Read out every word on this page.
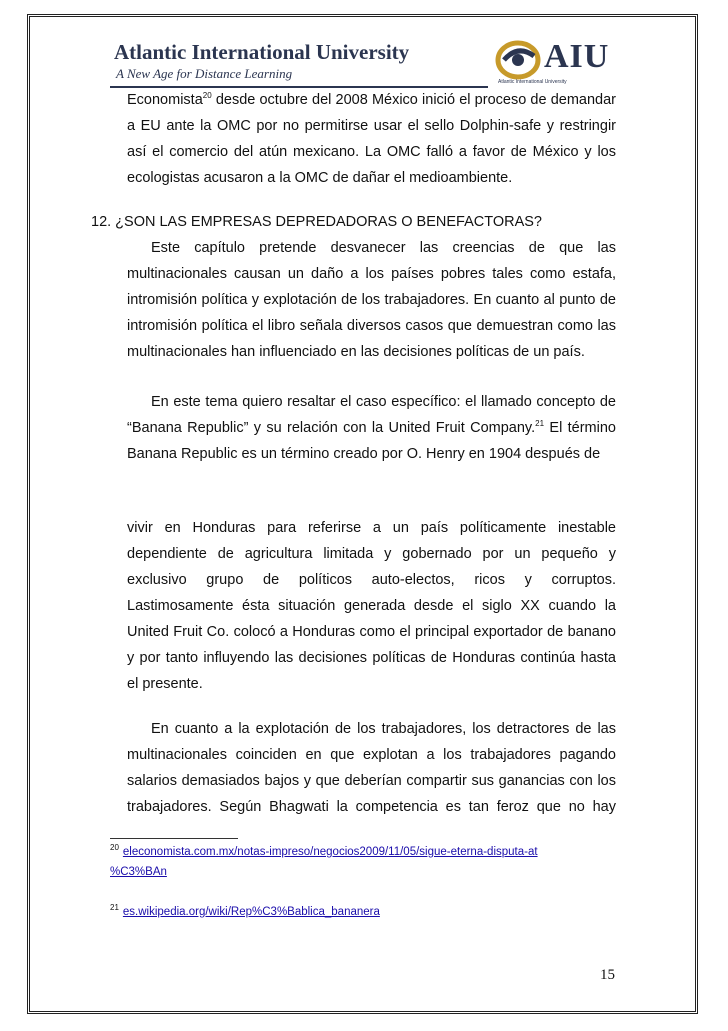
Atlantic International University
A New Age for Distance Learning	AIU
Atlantic International University

Economista$^{20}$ desde octubre del 2008 México inició el proceso de demandar a EU ante la OMC por no permitirse usar el sello Dolphin-safe y restringir así el comercio del atún mexicano. La OMC falló a favor de México y los ecologistas acusaron a la OMC de dañar el medioambiente.

12. ¿SON LAS EMPRESAS DEPREDADORAS O BENEFACTORAS?

Este capítulo pretende desvanecer las creencias de que las multinacionales causan un daño a los países pobres tales como estafa, intromisión política y explotación de los trabajadores. En cuanto al punto de intromisión política el libro señala diversos casos que demuestran como las multinacionales han influenciado en las decisiones políticas de un país.

En este tema quiero resaltar el caso específico: el llamado concepto de “Banana Republic” y su relación con la United Fruit Company.$^{21}$ El término Banana Republic es un término creado por O. Henry en 1904 después de

vivir en Honduras para referirse a un país políticamente inestable dependiente de agricultura limitada y gobernado por un pequeño y exclusivo grupo de políticos auto-electos, ricos y corruptos. Lastimosamente ésta situación generada desde el siglo XX cuando la United Fruit Co. colocó a Honduras como el principal exportador de banano y por tanto influyendo las decisiones políticas de Honduras continúa hasta el presente.

En cuanto a la explotación de los trabajadores, los detractores de las multinacionales coinciden en que explotan a los trabajadores pagando salarios demasiados bajos y que deberían compartir sus ganancias con los trabajadores. Según Bhagwati la competencia es tan feroz que no hay

$^{20}$ eleconomista.com.mx/notas-impreso/negocios2009/11/05/sigue-eterna-disputa-at
%C3%BAn
$^{21}$ es.wikipedia.org/wiki/Rep%C3%Bablica_bananera
15
